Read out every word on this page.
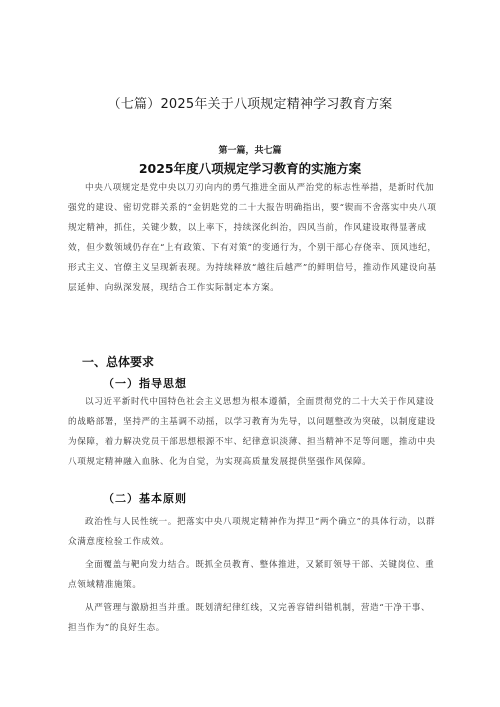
（七篇）2025年关于八项规定精神学习教育方案
第一篇，共七篇
2025年度八项规定学习教育的实施方案

中央八项规定是党中央以刀刃向内的勇气推进全面从严治党的标志性举措，是新时代加强党的建设、密切党群关系的“金钥匙党的二十大报告明确指出，要“锲而不舍落实中央八项规定精神，抓住，关键少数，以上率下，持续深化纠治，四风当前，作风建设取得显著成效，但少数领域仍存在“上有政策、下有对策”的变通行为，个别干部心存侥幸、顶风违纪，形式主义、官僚主义呈现新表现。为持续释放“越往后越严”的鲜明信号，推动作风建设向基层延伸、向纵深发展，现结合工作实际制定本方案。

一、总体要求
（一）指导思想

以习近平新时代中国特色社会主义思想为根本遵循，全面贯彻党的二十大关于作风建设的战略部署，坚持严的主基调不动摇，以学习教育为先导，以问题整改为突破，以制度建设为保障，着力解决党员干部思想根源不牢、纪律意识淡薄、担当精神不足等问题，推动中央八项规定精神融入血脉、化为自觉，为实现高质量发展提供坚强作风保障。

（二）基本原则

政治性与人民性统一。把落实中央八项规定精神作为捍卫“两个确立”的具体行动，以群众满意度检验工作成效。

全面覆盖与靶向发力结合。既抓全员教育、整体推进，又紧盯领导干部、关键岗位、重点领域精准施策。

从严管理与激励担当并重。既划清纪律红线，又完善容错纠错机制，营造“干净干事、担当作为”的良好生态。
